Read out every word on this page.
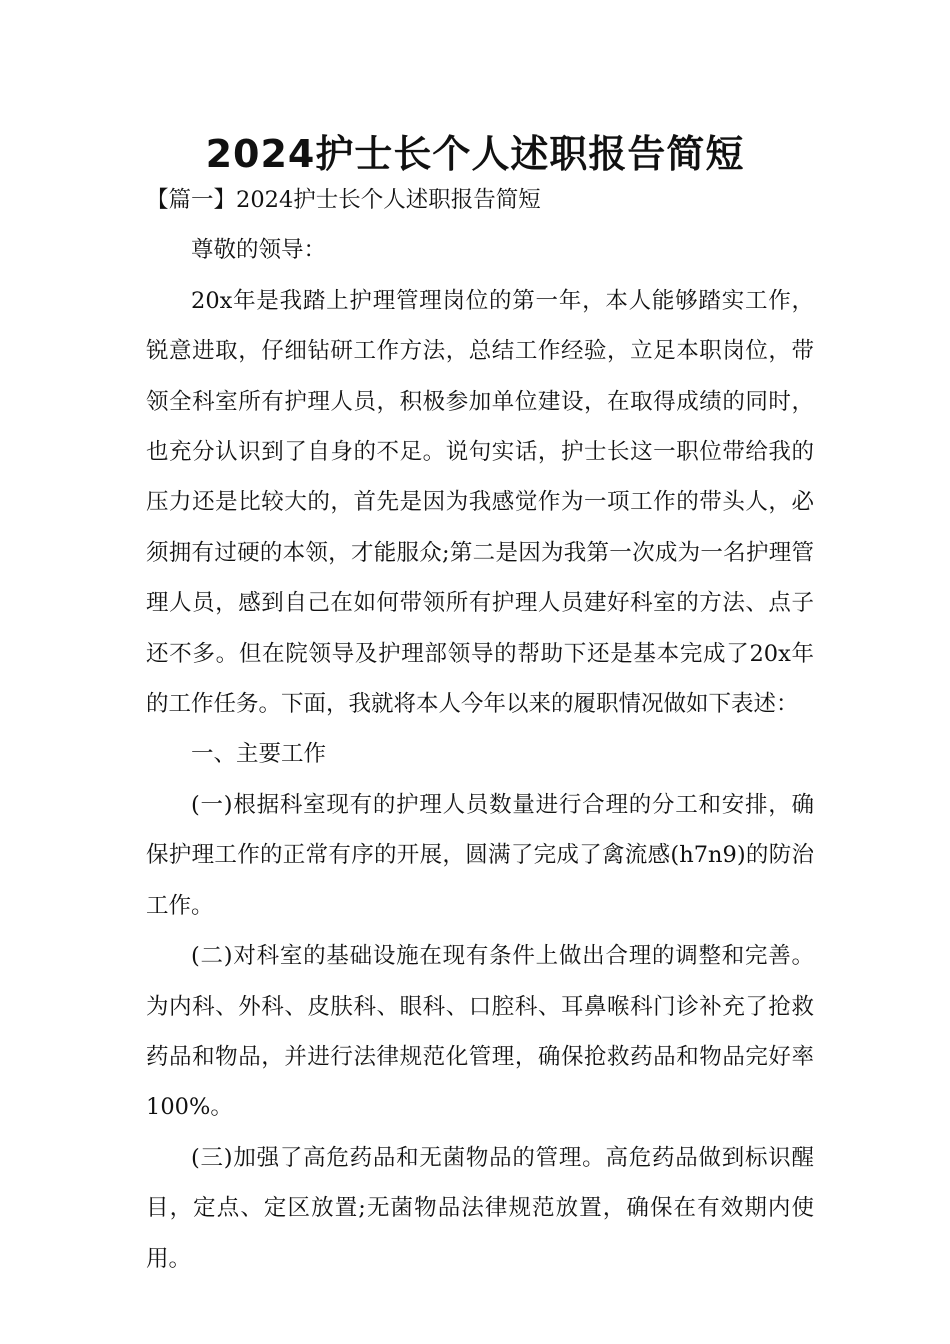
2024护士长个人述职报告简短

【篇一】2024护士长个人述职报告简短

尊敬的领导：

20x年是我踏上护理管理岗位的第一年，本人能够踏实工作，锐意进取，仔细钻研工作方法，总结工作经验，立足本职岗位，带领全科室所有护理人员，积极参加单位建设，在取得成绩的同时，也充分认识到了自身的不足。说句实话，护士长这一职位带给我的压力还是比较大的，首先是因为我感觉作为一项工作的带头人，必须拥有过硬的本领，才能服众;第二是因为我第一次成为一名护理管理人员，感到自己在如何带领所有护理人员建好科室的方法、点子还不多。但在院领导及护理部领导的帮助下还是基本完成了20x年的工作任务。下面，我就将本人今年以来的履职情况做如下表述：

一、主要工作

(一)根据科室现有的护理人员数量进行合理的分工和安排，确保护理工作的正常有序的开展，圆满了完成了禽流感(h7n9)的防治工作。

(二)对科室的基础设施在现有条件上做出合理的调整和完善。为内科、外科、皮肤科、眼科、口腔科、耳鼻喉科门诊补充了抢救药品和物品，并进行法律规范化管理，确保抢救药品和物品完好率100%。

(三)加强了高危药品和无菌物品的管理。高危药品做到标识醒目，定点、定区放置;无菌物品法律规范放置，确保在有效期内使用。
